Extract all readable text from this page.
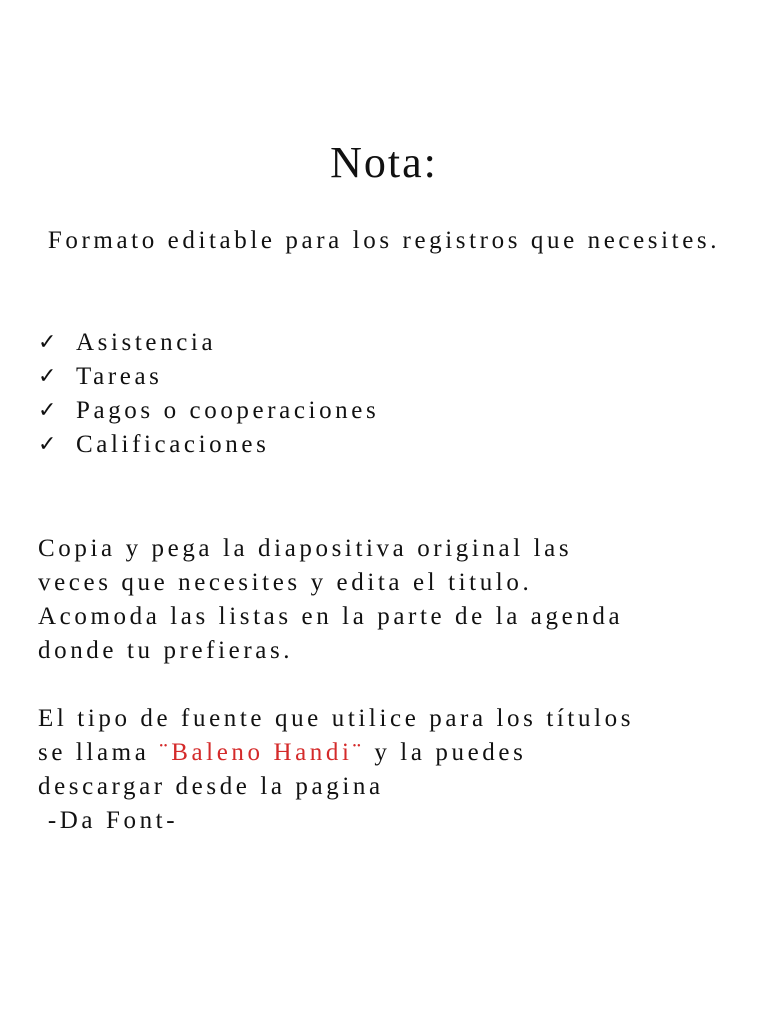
Nota:
Formato editable para los registros que necesites.
✓ Asistencia
✓ Tareas
✓ Pagos o cooperaciones
✓ Calificaciones

Copia y pega la diapositiva original las
veces que necesites y edita el titulo.
Acomoda las listas en la parte de la agenda
donde tu prefieras.

El tipo de fuente que utilice para los títulos
se llama ¨Baleno Handi¨ y la puedes
descargar desde la pagina
-Da Font-
